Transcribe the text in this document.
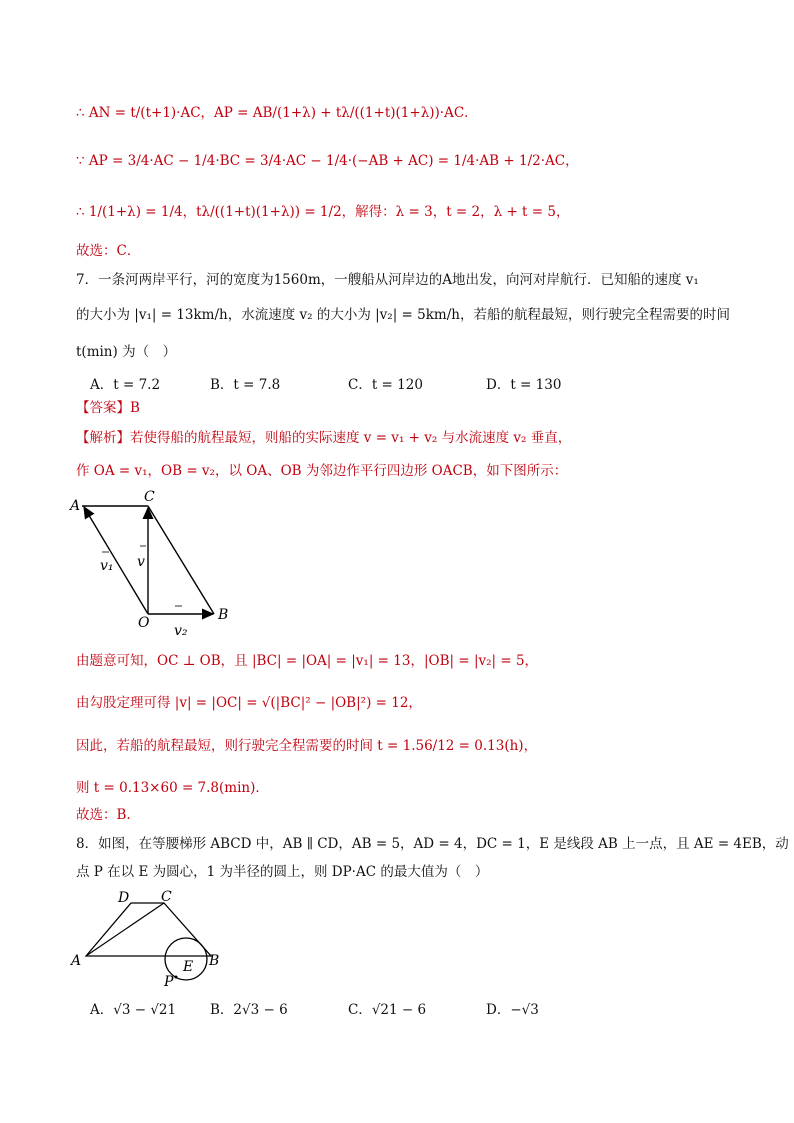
∴ AN = t/(t+1)·AC，AP = AB/(1+λ) + tλ/((1+t)(1+λ))·AC．
∵ AP = 3/4·AC − 1/4·BC = 3/4·AC − 1/4·(−AB + AC) = 1/4·AB + 1/2·AC，
∴ 1/(1+λ) = 1/4，tλ/((1+t)(1+λ)) = 1/2，解得：λ = 3，t = 2，λ + t = 5，
故选：C．
7．一条河两岸平行，河的宽度为1560m，一艘船从河岸边的A地出发，向河对岸航行．已知船的速度 v₁
的大小为 |v₁| = 13km/h，水流速度 v₂ 的大小为 |v₂| = 5km/h，若船的航程最短，则行驶完全程需要的时间
t(min) 为（　）
A．t = 7.2	B．t = 7.8	C．t = 120	D．t = 130
【答案】B
【解析】若使得船的航程最短，则船的实际速度 v = v₁ + v₂ 与水流速度 v₂ 垂直，
作 OA = v₁，OB = v₂，以 OA、OB 为邻边作平行四边形 OACB，如下图所示：
A
C
O	B
v
v₁
v₂
由题意可知，OC ⊥ OB，且 |BC| = |OA| = |v₁| = 13，|OB| = |v₂| = 5，
由勾股定理可得 |v| = |OC| = √(|BC|² − |OB|²) = 12，
因此，若船的航程最短，则行驶完全程需要的时间 t = 1.56/12 = 0.13(h)，
则 t = 0.13×60 = 7.8(min)．
故选：B.
8．如图，在等腰梯形 ABCD 中，AB ∥ CD，AB = 5，AD = 4，DC = 1，E 是线段 AB 上一点，且 AE = 4EB，动
点 P 在以 E 为圆心，1 为半径的圆上，则 DP·AC 的最大值为（　）
D C
A	B
E
P
A．√3 − √21	B．2√3 − 6	C．√21 − 6	D．−√3
